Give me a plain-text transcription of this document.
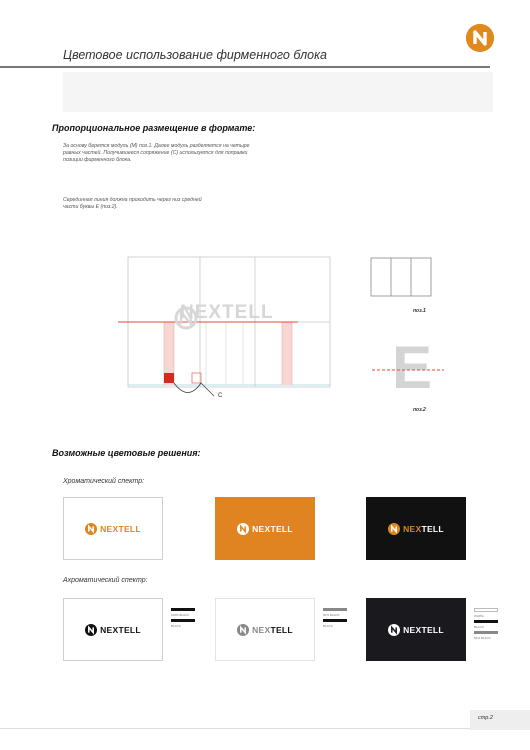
Цветовое использование фирменного блока
Пропорциональное размещение в формате:
За основу берется модуль (M) поз.1. Далее модуль разделяется на четыре равных частей. Получившееся сопряжение (C) используется для поправки позиции фирменного блока.
Серединная линия должна проходить через низ средней части буквы E (поз.2).
NEXTELL
C
поз.1
E
поз.2
Возможные цветовые решения:
Хроматический спектр:
NEXTELL	NEXTELL	NEXTELL
Ахроматический спектр:
NEXTELL
100% BLACK
BLACK	NEXTELL
50% BLACK
BLACK	NEXTELL
WHITE
BLACK
50% BLACK
стр.2
